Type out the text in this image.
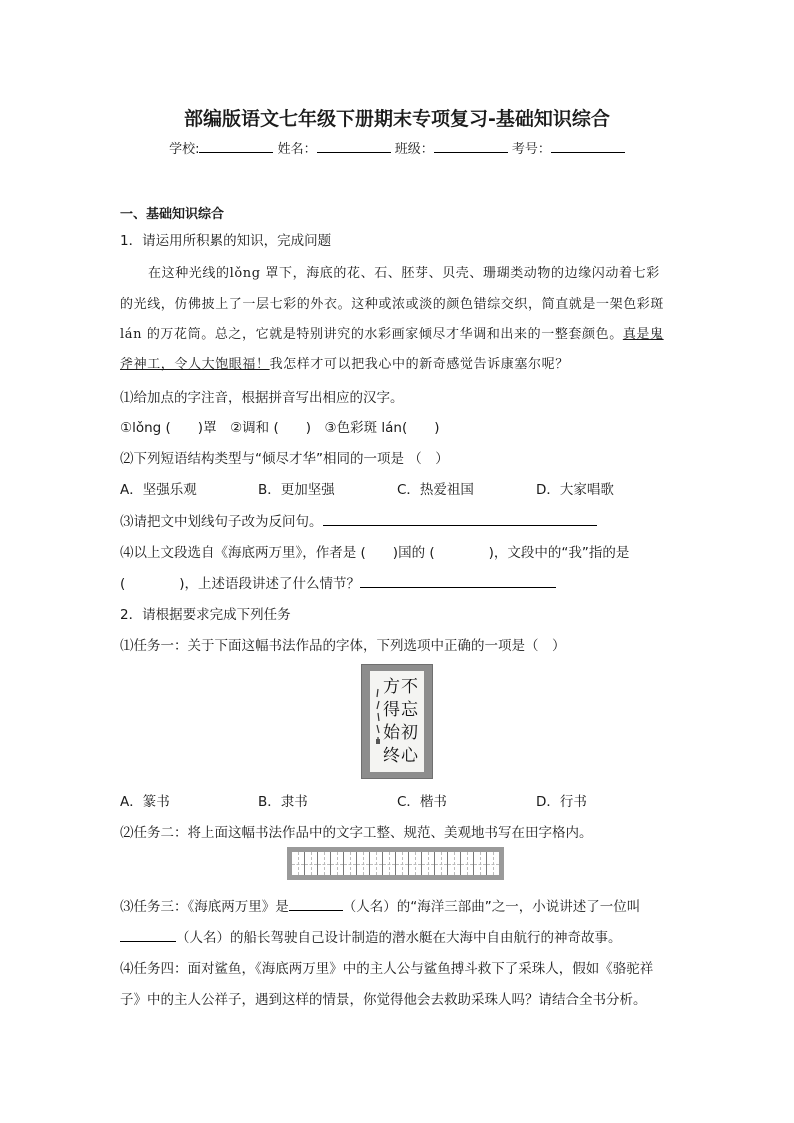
部编版语文七年级下册期末专项复习-基础知识综合
学校:	姓名：	班级：	考号：
一、基础知识综合
1．请运用所积累的知识，完成问题
在这种光线的lǒng 罩下，海底的花、石、胚芽、贝壳、珊瑚类动物的边缘闪动着七彩
的光线，仿佛披上了一层七彩的外衣。这种或浓或淡的颜色错综交织，简直就是一架色彩斑
lán 的万花筒。总之，它就是特别讲究的水彩画家倾尽才华调和出来的一整套颜色。真是鬼
斧神工，令人大饱眼福！我怎样才可以把我心中的新奇感觉告诉康塞尔呢？
⑴给加点的字注音，根据拼音写出相应的汉字。
①lǒng (　　)罩　②调和 (　　)　③色彩斑 lán(　　)
⑵下列短语结构类型与“倾尽才华”相同的一项是 （　）
A．坚强乐观	B．更加坚强	C．热爱祖国	D．大家唱歌
⑶请把文中划线句子改为反问句。
⑷以上文段选自《海底两万里》，作者是 (　　)国的 (　　　　)，文段中的“我”指的是
(　　　　)，上述语段讲述了什么情节？
2．请根据要求完成下列任务
⑴任务一：关于下面这幅书法作品的字体，下列选项中正确的一项是（　）
不
忘
初
心
方
得
始
终
A．篆书	B．隶书	C．楷书	D．行书
⑵任务二：将上面这幅书法作品中的文字工整、规范、美观地书写在田字格内。
⑶任务三：《海底两万里》是	（人名）的“海洋三部曲”之一，小说讲述了一位叫
（人名）的船长驾驶自己设计制造的潜水艇在大海中自由航行的神奇故事。
⑷任务四：面对鲨鱼，《海底两万里》中的主人公与鲨鱼搏斗救下了采珠人，假如《骆驼祥
子》中的主人公祥子，遇到这样的情景，你觉得他会去救助采珠人吗？请结合全书分析。
